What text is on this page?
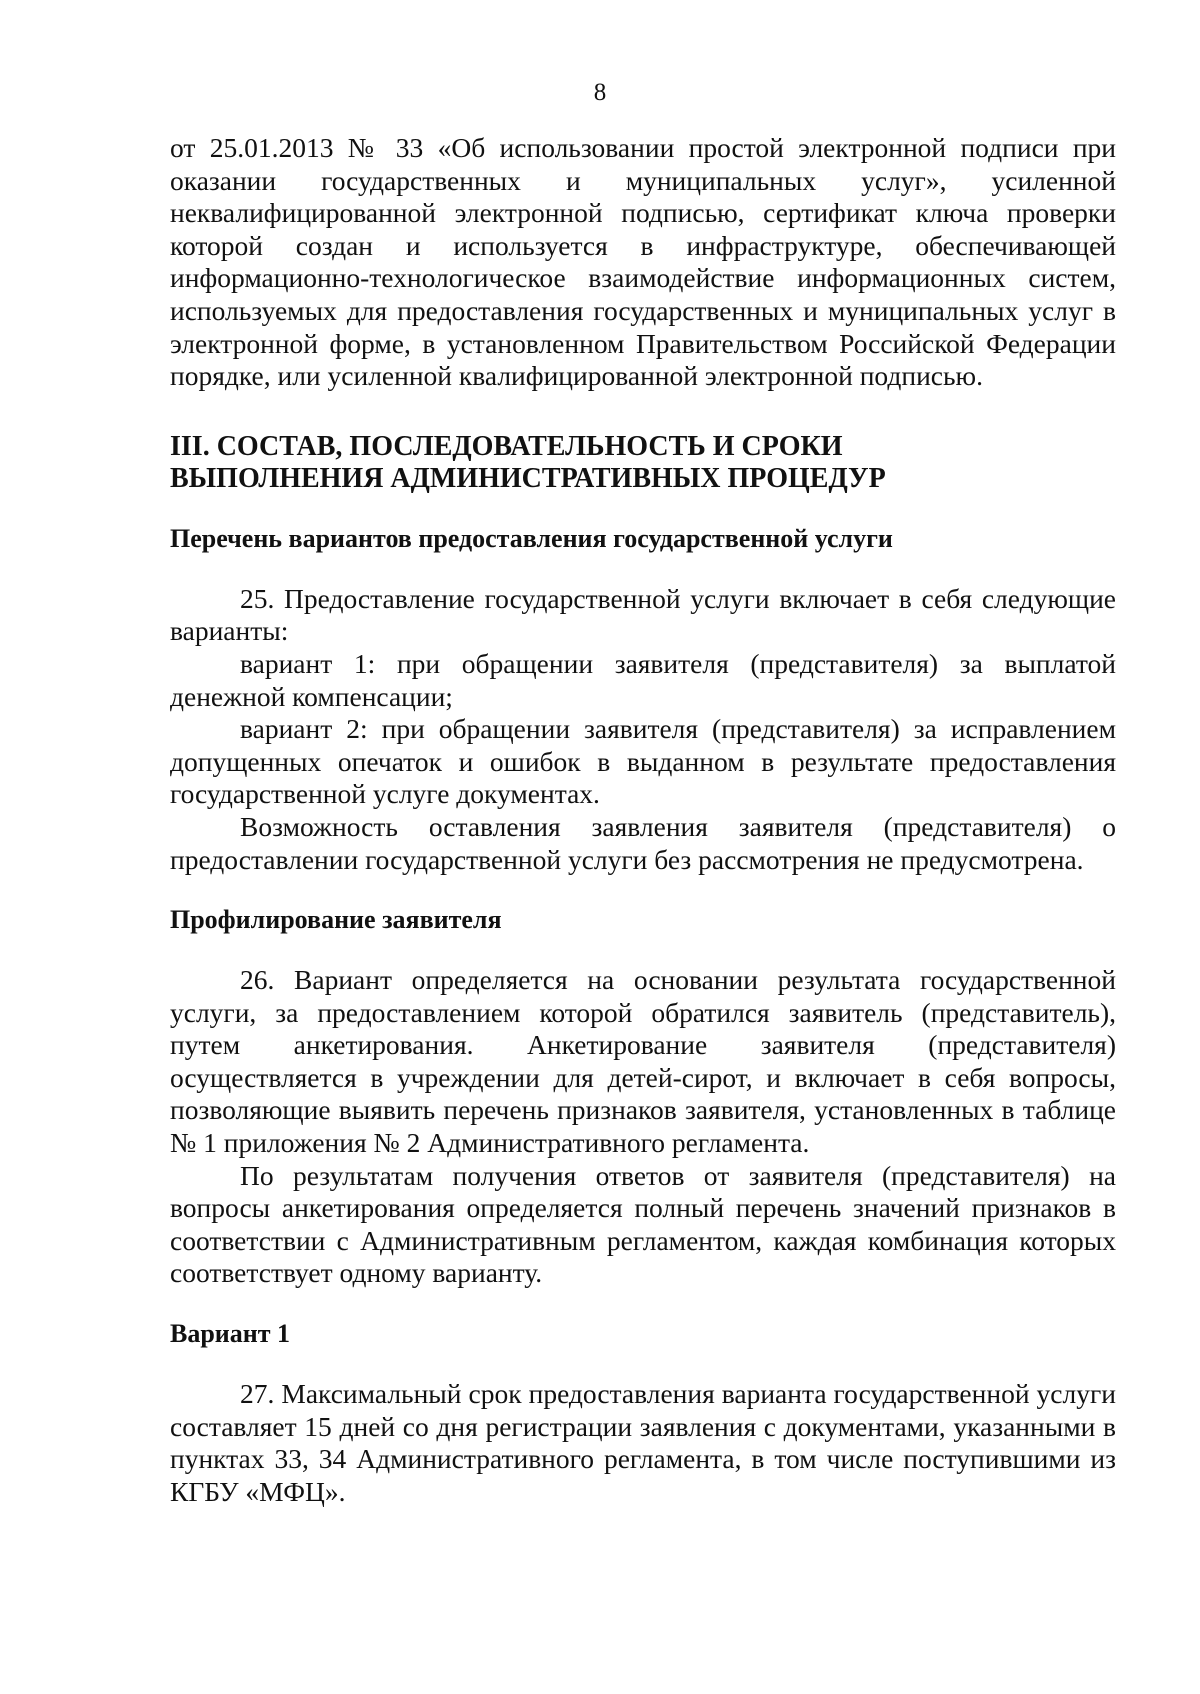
8

от 25.01.2013 № 33 «Об использовании простой электронной подписи при оказании государственных и муниципальных услуг», усиленной неквалифицированной электронной подписью, сертификат ключа проверки которой создан и используется в инфраструктуре, обеспечивающей информационно-технологическое взаимодействие информационных систем, используемых для предоставления государственных и муниципальных услуг в электронной форме, в установленном Правительством Российской Федерации порядке, или усиленной квалифицированной электронной подписью.

III. СОСТАВ, ПОСЛЕДОВАТЕЛЬНОСТЬ И СРОКИ

ВЫПОЛНЕНИЯ АДМИНИСТРАТИВНЫХ ПРОЦЕДУР

Перечень вариантов предоставления государственной услуги

25. Предоставление государственной услуги включает в себя следующие варианты:

вариант 1: при обращении заявителя (представителя) за выплатой денежной компенсации;

вариант 2: при обращении заявителя (представителя) за исправлением допущенных опечаток и ошибок в выданном в результате предоставления государственной услуге документах.

Возможность оставления заявления заявителя (представителя) о предоставлении государственной услуги без рассмотрения не предусмотрена.

Профилирование заявителя

26. Вариант определяется на основании результата государственной услуги, за предоставлением которой обратился заявитель (представитель), путем анкетирования. Анкетирование заявителя (представителя) осуществляется в учреждении для детей-сирот, и включает в себя вопросы, позволяющие выявить перечень признаков заявителя, установленных в таблице № 1 приложения № 2 Административного регламента.

По результатам получения ответов от заявителя (представителя) на вопросы анкетирования определяется полный перечень значений признаков в соответствии с Административным регламентом, каждая комбинация которых соответствует одному варианту.

Вариант 1

27. Максимальный срок предоставления варианта государственной услуги составляет 15 дней со дня регистрации заявления с документами, указанными в пунктах 33, 34 Административного регламента, в том числе поступившими из КГБУ «МФЦ».
